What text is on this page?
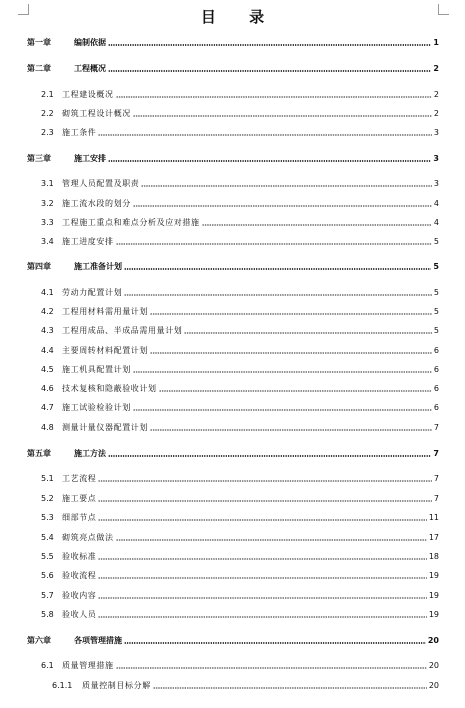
目 录
第一章	编制依据	1
第二章	工程概况	2
2.1	工程建设概况	2
2.2	砌筑工程设计概况	2
2.3	施工条件	3
第三章	施工安排	3
3.1	管理人员配置及职责	3
3.2	施工流水段的划分	4
3.3	工程施工重点和难点分析及应对措施	4
3.4	施工进度安排	5
第四章	施工准备计划	5
4.1	劳动力配置计划	5
4.2	工程用材料需用量计划	5
4.3	工程用成品、半成品需用量计划	5
4.4	主要周转材料配置计划	6
4.5	施工机具配置计划	6
4.6	技术复核和隐蔽验收计划	6
4.7	施工试验检验计划	6
4.8	测量计量仪器配置计划	7
第五章	施工方法	7
5.1	工艺流程	7
5.2	施工要点	7
5.3	细部节点	11
5.4	砌筑亮点做法	17
5.5	验收标准	18
5.6	验收流程	19
5.7	验收内容	19
5.8	验收人员	19
第六章	各项管理措施	20
6.1	质量管理措施	20
6.1.1	质量控制目标分解	20
